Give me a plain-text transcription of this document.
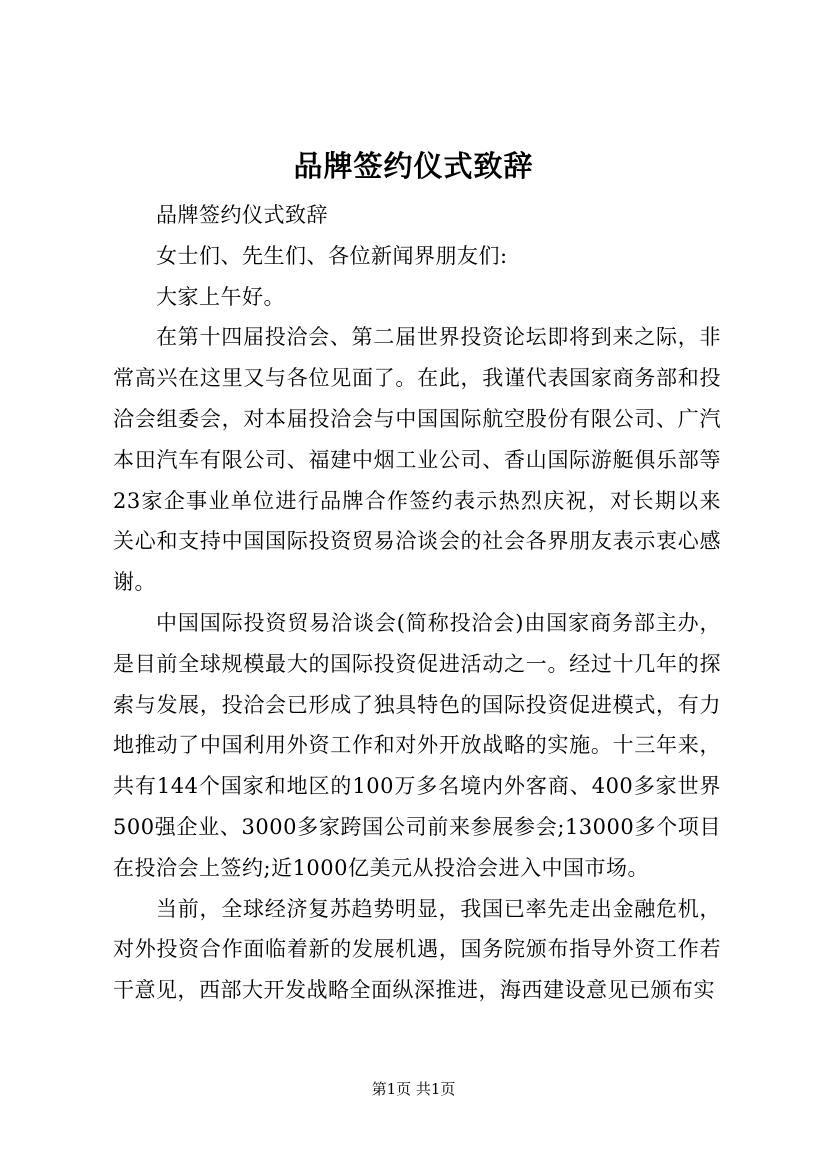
品牌签约仪式致辞

品牌签约仪式致辞

女士们、先生们、各位新闻界朋友们:

大家上午好。

在第十四届投洽会、第二届世界投资论坛即将到来之际，非常高兴在这里又与各位见面了。在此，我谨代表国家商务部和投洽会组委会，对本届投洽会与中国国际航空股份有限公司、广汽本田汽车有限公司、福建中烟工业公司、香山国际游艇俱乐部等23家企事业单位进行品牌合作签约表示热烈庆祝，对长期以来关心和支持中国国际投资贸易洽谈会的社会各界朋友表示衷心感谢。

中国国际投资贸易洽谈会(简称投洽会)由国家商务部主办，是目前全球规模最大的国际投资促进活动之一。经过十几年的探索与发展，投洽会已形成了独具特色的国际投资促进模式，有力地推动了中国利用外资工作和对外开放战略的实施。十三年来，共有144个国家和地区的100万多名境内外客商、400多家世界500强企业、3000多家跨国公司前来参展参会;13000多个项目在投洽会上签约;近1000亿美元从投洽会进入中国市场。

当前，全球经济复苏趋势明显，我国已率先走出金融危机，对外投资合作面临着新的发展机遇，国务院颁布指导外资工作若干意见，西部大开发战略全面纵深推进，海西建设意见已颁布实

第1页 共1页
